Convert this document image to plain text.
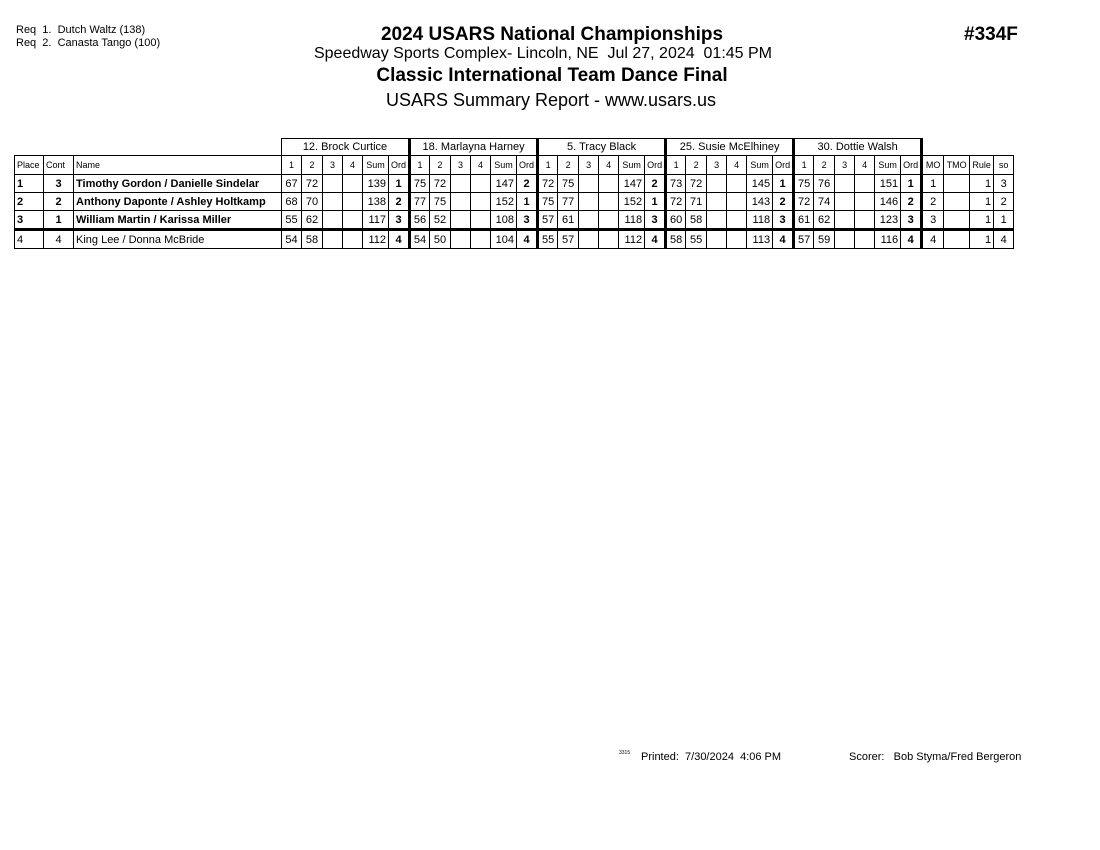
Req  1.  Dutch Waltz (138)
Req  2.  Canasta Tango (100)	2024 USARS National Championships
Speedway Sports Complex- Lincoln, NE  Jul 27, 2024  01:45 PM
Classic International Team Dance Final
USARS Summary Report - www.usars.us
#334F
			12. Brock Curtice						18. Marlayna Harney						5. Tracy Black						25. Susie McElhiney						30. Dottie Walsh									
Place	Cont	Name	1	2	3	4	Sum	Ord	1	2	3	4	Sum	Ord	1	2	3	4	Sum	Ord	1	2	3	4	Sum	Ord	1	2	3	4	Sum	Ord	MO	TMO	Rule	so
1	3	Timothy Gordon / Danielle Sindelar	67	72			139	1	75	72			147	2	72	75			147	2	73	72			145	1	75	76			151	1	1		1	3
2	2	Anthony Daponte / Ashley Holtkamp	68	70			138	2	77	75			152	1	75	77			152	1	72	71			143	2	72	74			146	2	2		1	2
3	1	William Martin / Karissa Miller	55	62			117	3	56	52			108	3	57	61			118	3	60	58			118	3	61	62			123	3	3		1	1
4	4	King Lee / Donna McBride	54	58			112	4	54	50			104	4	55	57			112	4	58	55			113	4	57	59			116	4	4		1	4
3315 Printed:  7/30/2024  4:06 PM	Scorer:   Bob Styma/Fred Bergeron
